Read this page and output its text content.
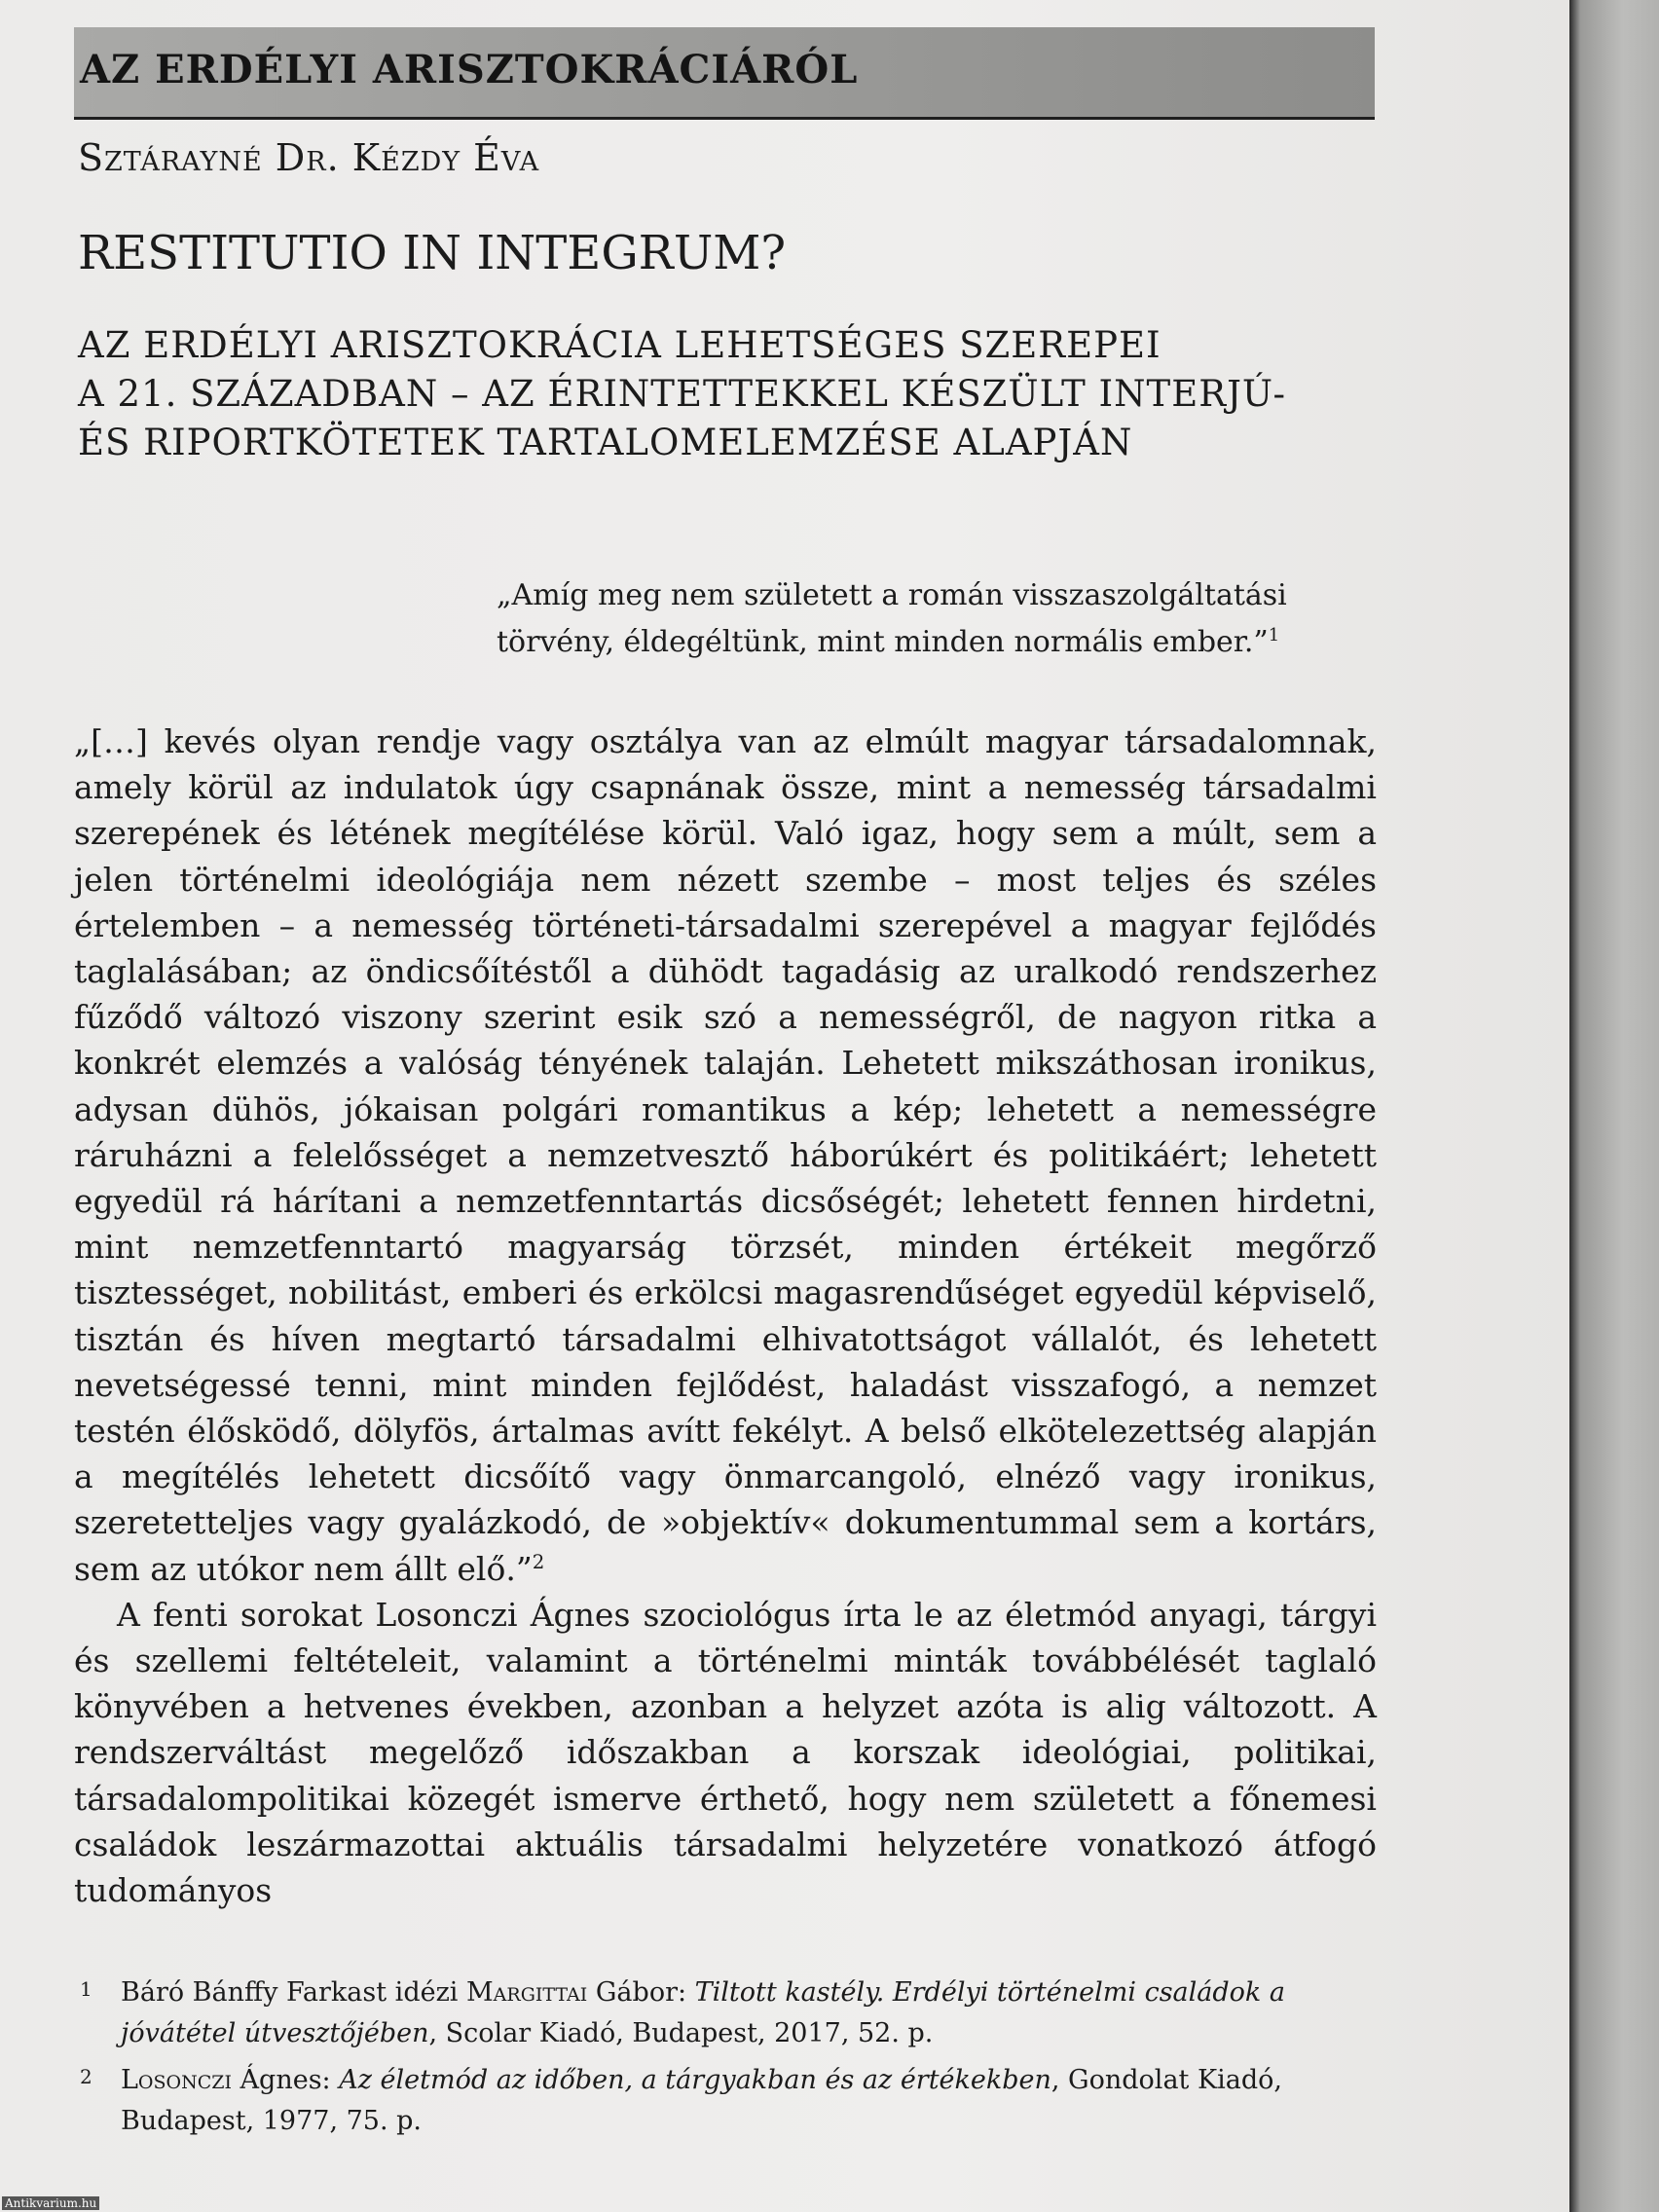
AZ ERDÉLYI ARISZTOKRÁCIÁRÓL
Sztárayné Dr. Kézdy Éva
RESTITUTIO IN INTEGRUM?
AZ ERDÉLYI ARISZTOKRÁCIA LEHETSÉGES SZEREPEI
A 21. SZÁZADBAN – AZ ÉRINTETTEKKEL KÉSZÜLT INTERJÚ-
ÉS RIPORTKÖTETEK TARTALOMELEMZÉSE ALAPJÁN
„Amíg meg nem született a román visszaszolgáltatási
törvény, éldegéltünk, mint minden normális ember.”$^1$

„[…] kevés olyan rendje vagy osztálya van az elmúlt magyar társadalomnak, amely körül az indulatok úgy csapnának össze, mint a nemesség társadalmi szerepének és létének megítélése körül. Való igaz, hogy sem a múlt, sem a jelen történelmi ideológiája nem nézett szembe – most teljes és széles értelemben – a nemesség történeti-társadalmi szerepével a magyar fejlődés taglalásában; az öndicsőítéstől a dühödt tagadásig az uralkodó rendszerhez fűződő változó viszony szerint esik szó a nemességről, de nagyon ritka a konkrét elemzés a valóság tényének talaján. Lehetett mikszáthosan ironikus, adysan dühös, jókaisan polgári romantikus a kép; lehetett a nemességre ráruházni a felelősséget a nemzetvesztő háborúkért és politikáért; lehetett egyedül rá hárítani a nemzetfenntartás dicsőségét; lehetett fennen hirdetni, mint nemzetfenntartó magyarság törzsét, minden értékeit megőrző tisztességet, nobilitást, emberi és erkölcsi magasrendűséget egyedül képviselő, tisztán és híven megtartó társadalmi elhivatottságot vállalót, és lehetett nevetségessé tenni, mint minden fejlődést, haladást visszafogó, a nemzet testén élősködő, dölyfös, ártalmas avítt fekélyt. A belső elkötelezettség alapján a megítélés lehetett dicsőítő vagy önmarcangoló, elnéző vagy ironikus, szeretetteljes vagy gyalázkodó, de »objektív« dokumentummal sem a kortárs, sem az utókor nem állt elő.”$^2$

A fenti sorokat Losonczi Ágnes szociológus írta le az életmód anyagi, tárgyi és szellemi feltételeit, valamint a történelmi minták továbbélését taglaló könyvében a hetvenes években, azonban a helyzet azóta is alig változott. A rendszerváltást megelőző időszakban a korszak ideológiai, politikai, társadalompolitikai közegét ismerve érthető, hogy nem született a főnemesi családok leszármazottai aktuális társadalmi helyzetére vonatkozó átfogó tudományos

1 Báró Bánffy Farkast idézi Margittai Gábor: Tiltott kastély. Erdélyi történelmi családok a jóvátétel útvesztőjében, Scolar Kiadó, Budapest, 2017, 52. p.
2 Losonczi Ágnes: Az életmód az időben, a tárgyakban és az értékekben, Gondolat Kiadó, Budapest, 1977, 75. p.
Antikvarium.hu
